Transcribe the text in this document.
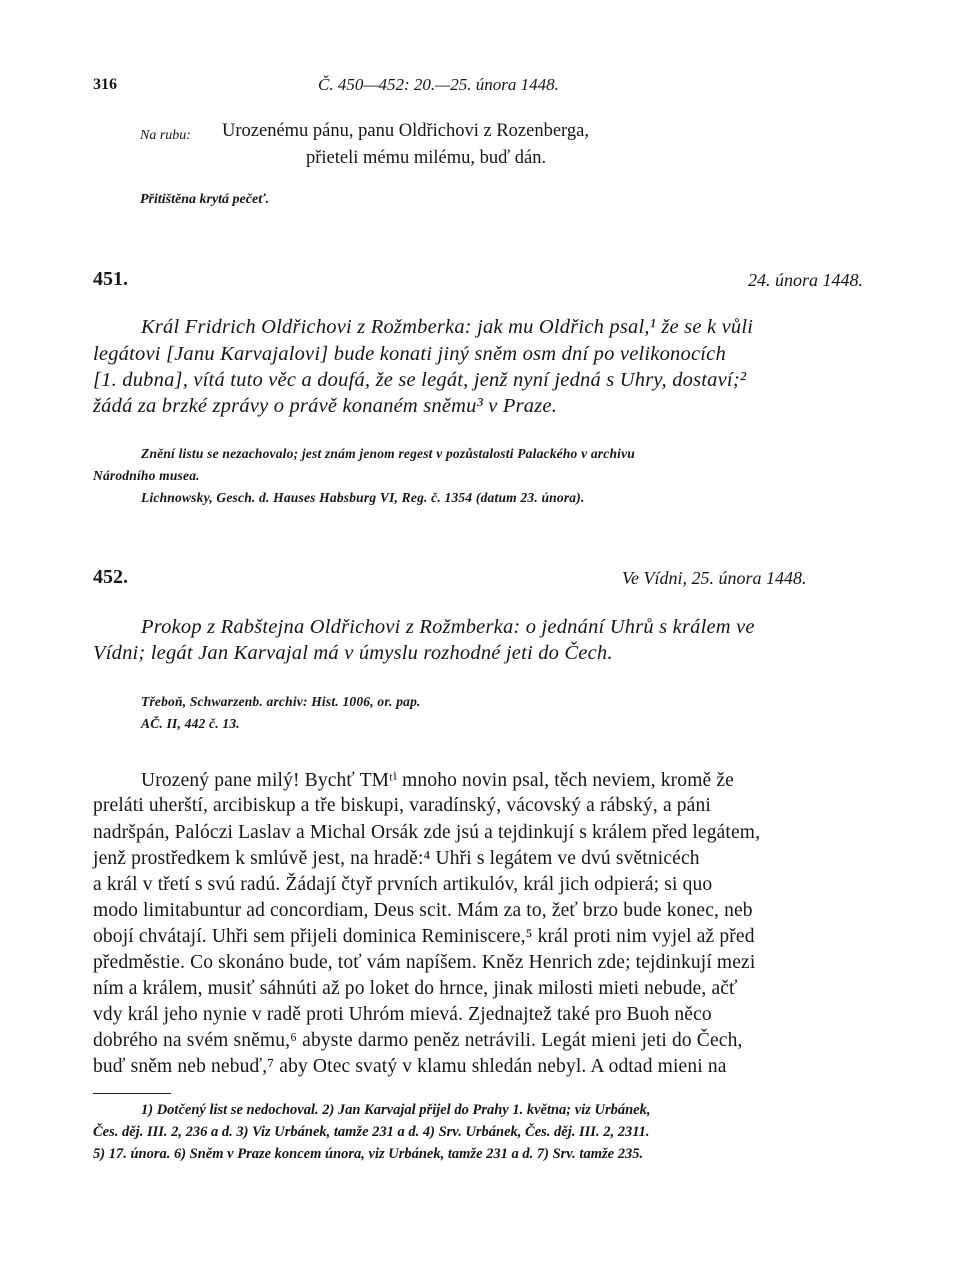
316	Č. 450—452: 20.—25. února 1448.
Na rubu: Urozenému pánu, panu Oldřichovi z Rozenberga,
přieteli mému milému, buď dán.
Přitištěna krytá pečeť.
451.	24. února 1448.
Král Fridrich Oldřichovi z Rožmberka: jak mu Oldřich psal,¹ že se k vůli
legátovi [Janu Karvajalovi] bude konati jiný sněm osm dní po velikonocích
[1. dubna], vítá tuto věc a doufá, že se legát, jenž nyní jedná s Uhry, dostaví;²
žádá za brzké zprávy o právě konaném sněmu³ v Praze.
Znění listu se nezachovalo; jest znám jenom regest v pozůstalosti Palackého v archivu
Národního musea.
Lichnowsky, Gesch. d. Hauses Habsburg VI, Reg. č. 1354 (datum 23. února).
452.	Ve Vídni, 25. února 1448.
Prokop z Rabštejna Oldřichovi z Rožmberka: o jednání Uhrů s králem ve
Vídni; legát Jan Karvajal má v úmyslu rozhodné jeti do Čech.
Třeboň, Schwarzenb. archiv: Hist. 1006, or. pap.
AČ. II, 442 č. 13.
Urozený pane milý! Bychť TMᵗⁱ mnoho novin psal, těch neviem, kromě že
preláti uherští, arcibiskup a tře biskupi, varadínský, vácovský a rábský, a páni
nadršpán, Palóczi Laslav a Michal Orsák zde jsú a tejdinkují s králem před legátem,
jenž prostředkem k smlúvě jest, na hradě:⁴ Uhři s legátem ve dvú světnicéch
a král v třetí s svú radú. Žádají čtyř prvních artikulóv, král jich odpierá; si quo
modo limitabuntur ad concordiam, Deus scit. Mám za to, žeť brzo bude konec, neb
obojí chvátají. Uhři sem přijeli dominica Reminiscere,⁵ král proti nim vyjel až před
předměstie. Co skonáno bude, toť vám napíšem. Kněz Henrich zde; tejdinkují mezi
ním a králem, musiť sáhnúti až po loket do hrnce, jinak milosti mieti nebude, ačť
vdy král jeho nynie v radě proti Uhróm mievá. Zjednajtež také pro Buoh něco
dobrého na svém sněmu,⁶ abyste darmo peněz netrávili. Legát mieni jeti do Čech,
buď sněm neb nebuď,⁷ aby Otec svatý v klamu shledán nebyl. A odtad mieni na
1) Dotčený list se nedochoval. 2) Jan Karvajal přijel do Prahy 1. května; viz Urbánek,
Čes. děj. III. 2, 236 a d. 3) Viz Urbánek, tamže 231 a d. 4) Srv. Urbánek, Čes. děj. III. 2, 2311.
5) 17. února. 6) Sněm v Praze koncem února, viz Urbánek, tamže 231 a d. 7) Srv. tamže 235.
